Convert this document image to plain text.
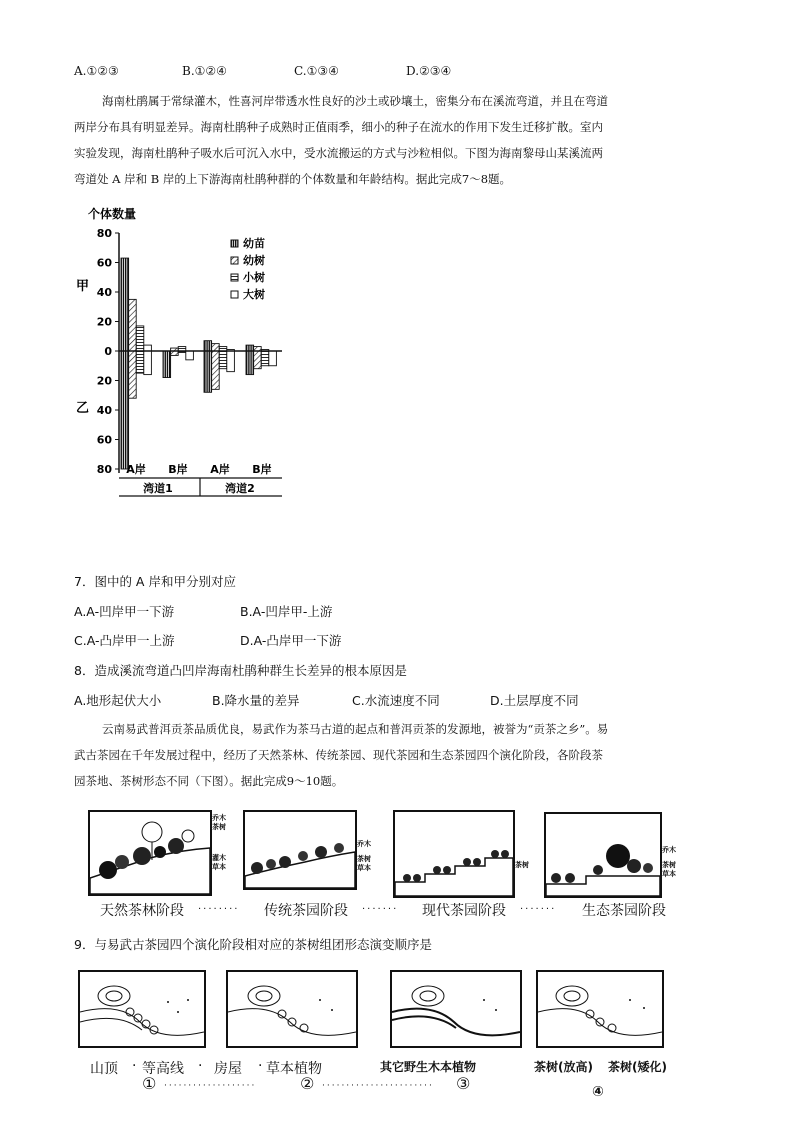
A.①②③	B.①②④	C.①③④	D.②③④
海南杜鹃属于常绿灌木，性喜河岸带透水性良好的沙土或砂壤土，密集分布在溪流弯道，并且在弯道
两岸分布具有明显差异。海南杜鹃种子成熟时正值雨季，细小的种子在流水的作用下发生迁移扩散。室内
实验发现，海南杜鹃种子吸水后可沉入水中，受水流搬运的方式与沙粒相似。下图为海南黎母山某溪流两
弯道处 A 岸和 B 岸的上下游海南杜鹃种群的个体数量和年龄结构。据此完成7～8题。
个体数量
甲
乙
80
60
40
20
0
20
40
60
80 A岸 B岸 A岸 B岸
湾道1	湾道2
幼苗
幼树
小树
大树
7．图中的 A 岸和甲分别对应
A.A-凹岸甲一下游	B.A-凹岸甲-上游
C.A-凸岸甲一上游	D.A-凸岸甲一下游
8．造成溪流弯道凸凹岸海南杜鹃种群生长差异的根本原因是
A.地形起伏大小	B.降水量的差异	C.水流速度不同	D.土层厚度不同
云南易武普洱贡茶品质优良，易武作为茶马古道的起点和普洱贡茶的发源地，被誉为“贡茶之乡”。易
武古茶园在千年发展过程中，经历了天然茶林、传统茶园、现代茶园和生态茶园四个演化阶段，各阶段茶
园茶地、茶树形态不同（下图）。据此完成9～10题。
乔木
茶树
灌木
草本
乔木
茶树
草本	茶树
乔木
茶树
草本
天然茶林阶段 ········ 传统茶园阶段 ······· 现代茶园阶段 ······· 生态茶园阶段
9．与易武古茶园四个演化阶段相对应的茶树组团形态演变顺序是
山顶 · 等高线 · 房屋 · 草本植物	其它野生木本植物	茶树(放高) 茶树(矮化)
① ···················	② ······················· ③	④
